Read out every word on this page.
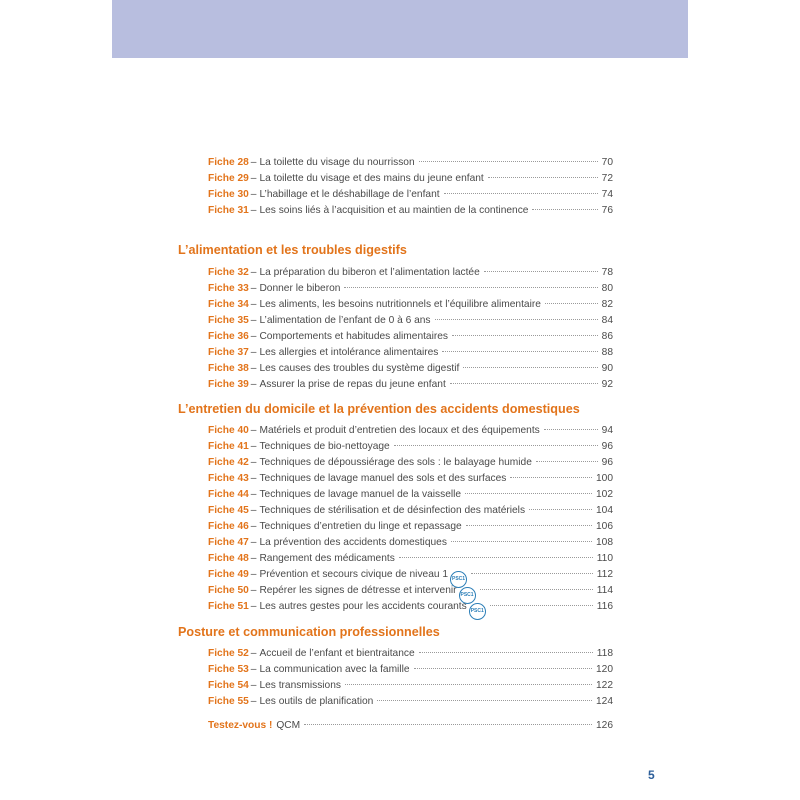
Fiche 28 – La toilette du visage du nourrisson	70
Fiche 29 – La toilette du visage et des mains du jeune enfant	72
Fiche 30 – L’habillage et le déshabillage de l’enfant	74
Fiche 31 – Les soins liés à l’acquisition et au maintien de la continence	76
L’alimentation et les troubles digestifs
Fiche 32 – La préparation du biberon et l’alimentation lactée	78
Fiche 33 – Donner le biberon	80
Fiche 34 – Les aliments, les besoins nutritionnels et l’équilibre alimentaire	82
Fiche 35 – L’alimentation de l’enfant de 0 à 6 ans	84
Fiche 36 – Comportements et habitudes alimentaires	86
Fiche 37 – Les allergies et intolérance alimentaires	88
Fiche 38 – Les causes des troubles du système digestif	90
Fiche 39 – Assurer la prise de repas du jeune enfant	92
L’entretien du domicile et la prévention des accidents domestiques
Fiche 40 – Matériels et produit d’entretien des locaux et des équipements	94
Fiche 41 – Techniques de bio-nettoyage	96
Fiche 42 – Techniques de dépoussiérage des sols : le balayage humide	96
Fiche 43 – Techniques de lavage manuel des sols et des surfaces	100
Fiche 44 – Techniques de lavage manuel de la vaisselle	102
Fiche 45 – Techniques de stérilisation et de désinfection des matériels	104
Fiche 46 – Techniques d’entretien du linge et repassage	106
Fiche 47 – La prévention des accidents domestiques	108
Fiche 48 – Rangement des médicaments	110
Fiche 49 – Prévention et secours civique de niveau 1 PSC1	112
Fiche 50 – Repérer les signes de détresse et intervenir PSC1	114
Fiche 51 – Les autres gestes pour les accidents courants PSC1	116
Posture et communication professionnelles
Fiche 52 – Accueil de l’enfant et bientraitance	118
Fiche 53 – La communication avec la famille	120
Fiche 54 – Les transmissions	122
Fiche 55 – Les outils de planification	124
Testez-vous ! QCM	126
5
